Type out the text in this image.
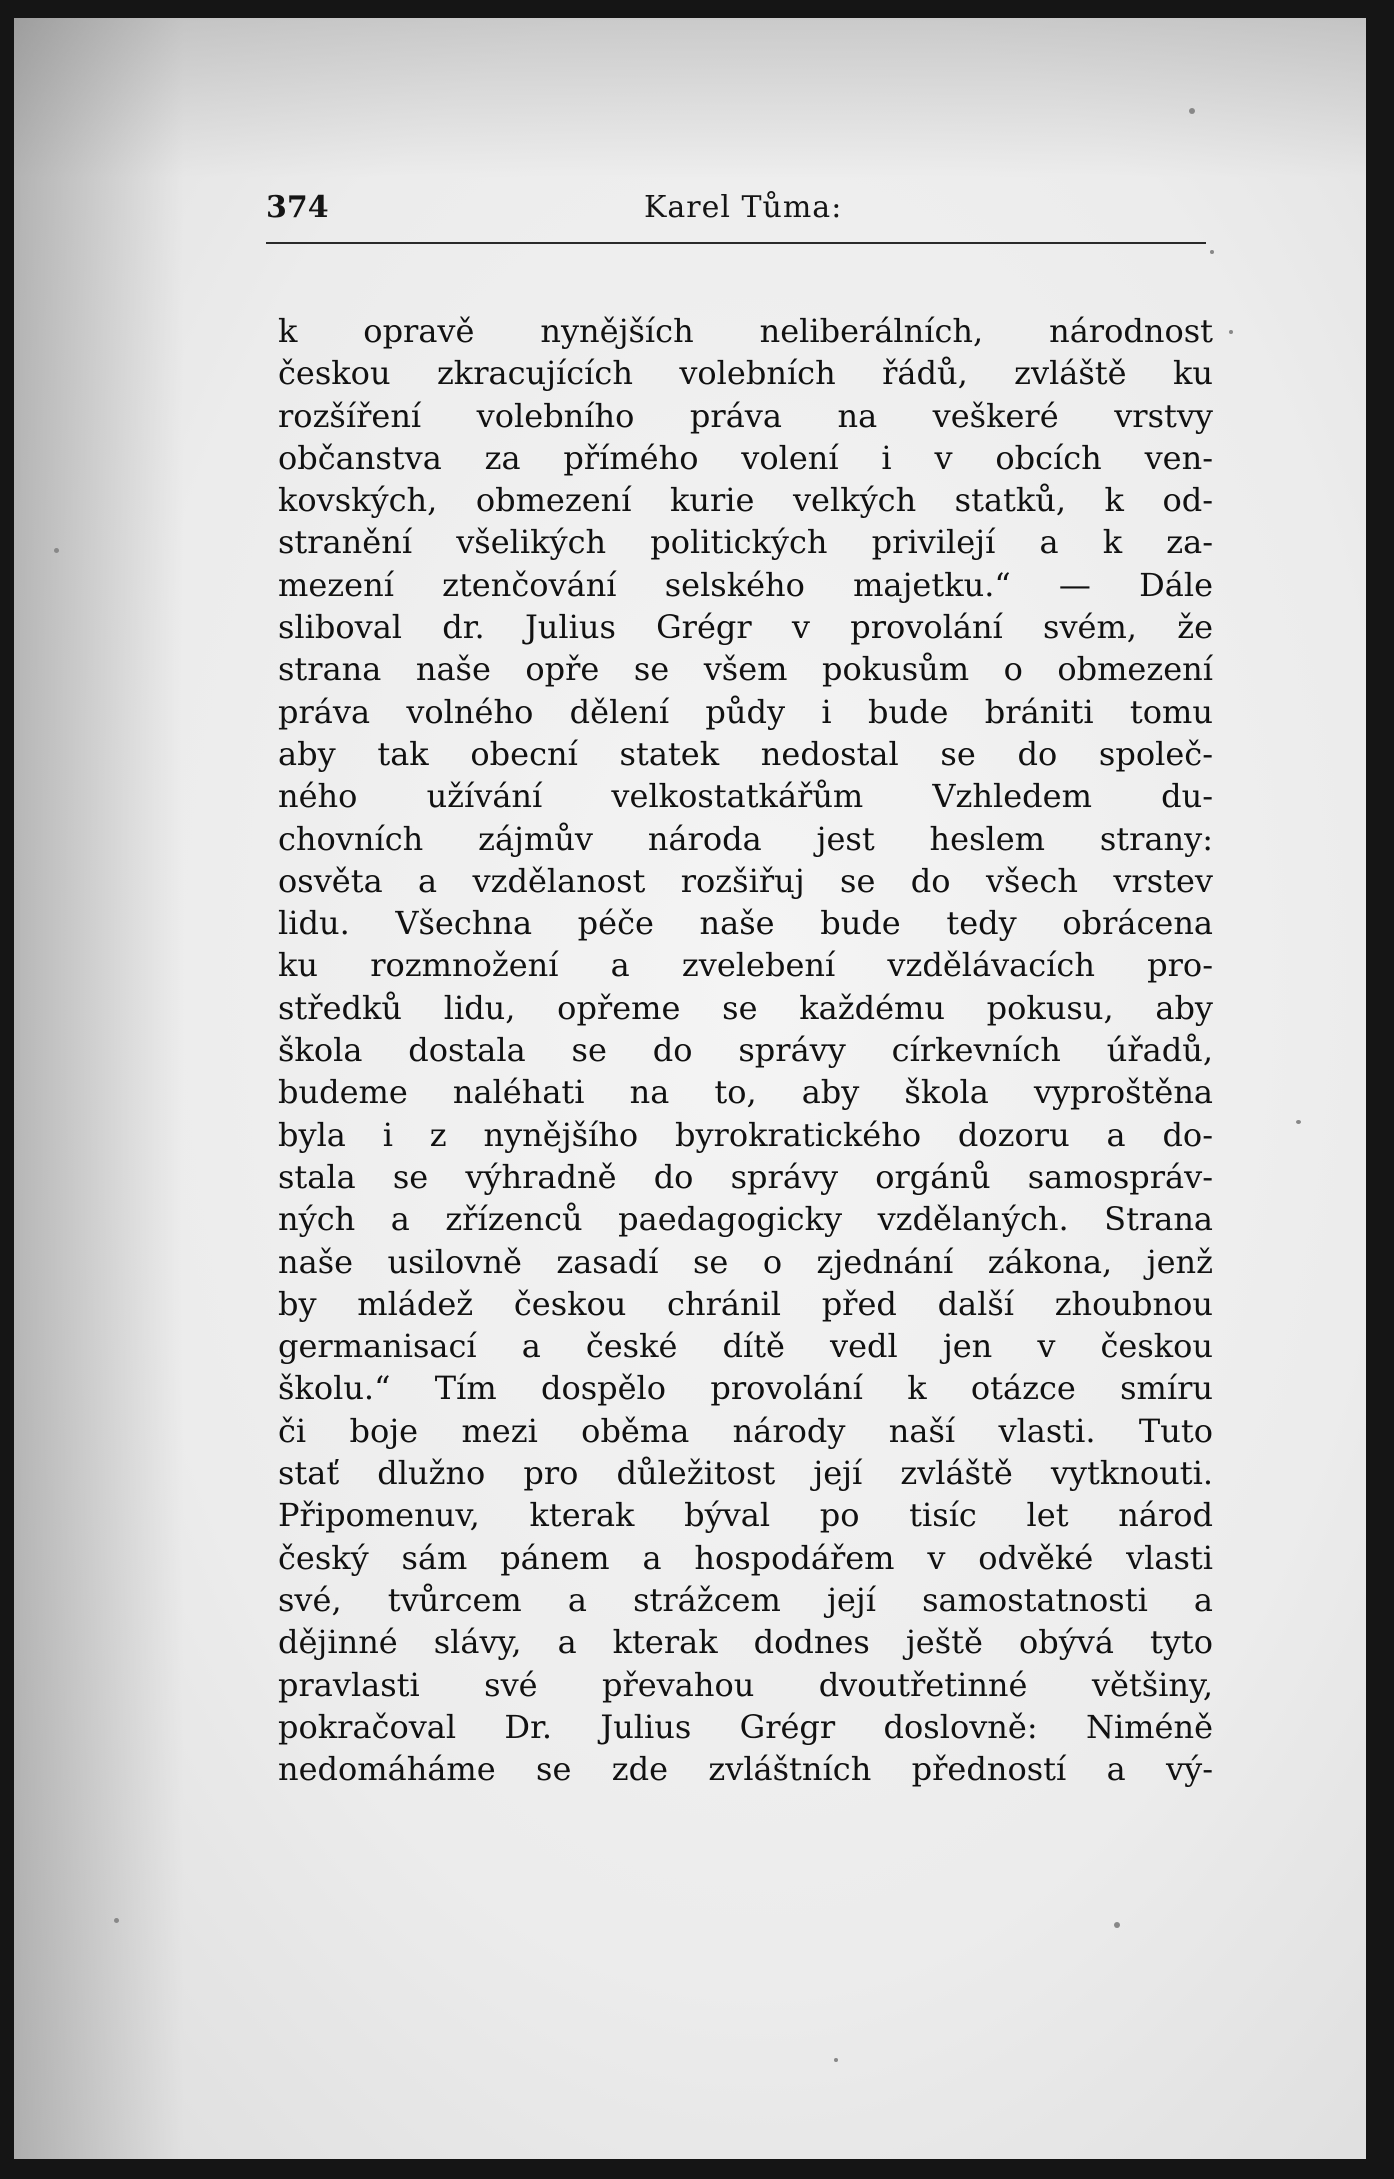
374	Karel Tůma:
k opravě nynějších neliberálních, národnost
českou zkracujících volebních řádů, zvláště ku
rozšíření volebního práva na veškeré vrstvy
občanstva za přímého volení i v obcích ven-
kovských, obmezení kurie velkých statků, k od-
stranění všelikých politických privilejí a k za-
mezení ztenčování selského majetku.“ — Dále
sliboval dr. Julius Grégr v provolání svém, že
strana naše opře se všem pokusům o obmezení
práva volného dělení půdy i bude brániti tomu
aby tak obecní statek nedostal se do společ-
ného užívání velkostatkářům Vzhledem du-
chovních zájmův národa jest heslem strany:
osvěta a vzdělanost rozšiřuj se do všech vrstev
lidu. Všechna péče naše bude tedy obrácena
ku rozmnožení a zvelebení vzdělávacích pro-
středků lidu, opřeme se každému pokusu, aby
škola dostala se do správy církevních úřadů,
budeme naléhati na to, aby škola vyproštěna
byla i z nynějšího byrokratického dozoru a do-
stala se výhradně do správy orgánů samospráv-
ných a zřízenců paedagogicky vzdělaných. Strana
naše usilovně zasadí se o zjednání zákona, jenž
by mládež českou chránil před další zhoubnou
germanisací a české dítě vedl jen v českou
školu.“ Tím dospělo provolání k otázce smíru
či boje mezi oběma národy naší vlasti. Tuto
stať dlužno pro důležitost její zvláště vytknouti.
Připomenuv, kterak býval po tisíc let národ
český sám pánem a hospodářem v odvěké vlasti
své, tvůrcem a strážcem její samostatnosti a
dějinné slávy, a kterak dodnes ještě obývá tyto
pravlasti své převahou dvoutřetinné většiny,
pokračoval Dr. Julius Grégr doslovně: Niméně
nedomáháme se zde zvláštních předností a vý-
